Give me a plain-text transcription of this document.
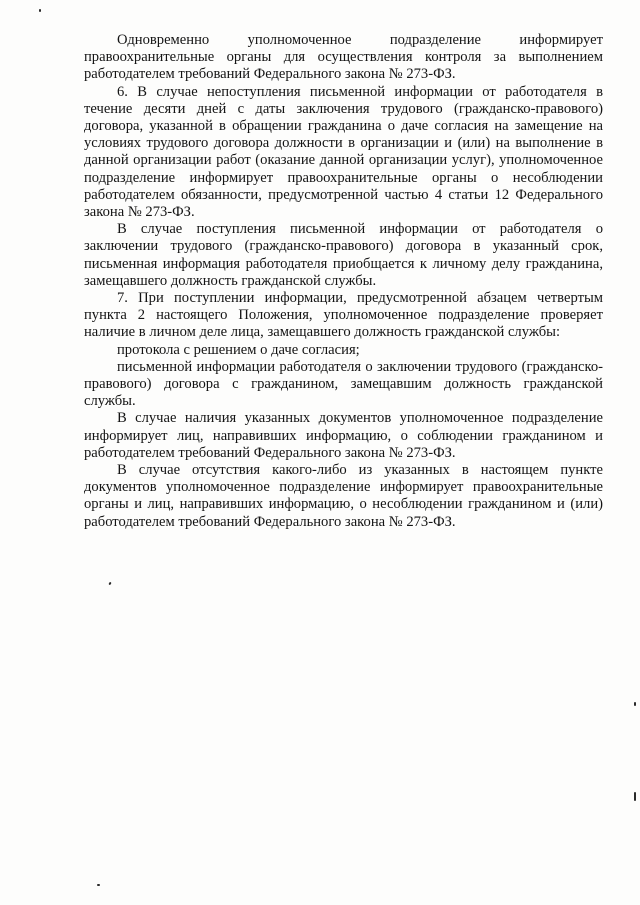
Одновременно уполномоченное подразделение информирует правоохранительные органы для осуществления контроля за выполнением работодателем требований Федерального закона № 273-ФЗ.

6. В случае непоступления письменной информации от работодателя в течение десяти дней с даты заключения трудового (гражданско-правового) договора, указанной в обращении гражданина о даче согласия на замещение на условиях трудового договора должности в организации и (или) на выполнение в данной организации работ (оказание данной организации услуг), уполномоченное подразделение информирует правоохранительные органы о несоблюдении работодателем обязанности, предусмотренной частью 4 статьи 12 Федерального закона № 273-ФЗ.

В случае поступления письменной информации от работодателя о заключении трудового (гражданско-правового) договора в указанный срок, письменная информация работодателя приобщается к личному делу гражданина, замещавшего должность гражданской службы.

7. При поступлении информации, предусмотренной абзацем четвертым пункта 2 настоящего Положения, уполномоченное подразделение проверяет наличие в личном деле лица, замещавшего должность гражданской службы:

протокола с решением о даче согласия;

письменной информации работодателя о заключении трудового (гражданско-правового) договора с гражданином, замещавшим должность гражданской службы.

В случае наличия указанных документов уполномоченное подразделение информирует лиц, направивших информацию, о соблюдении гражданином и работодателем требований Федерального закона № 273-ФЗ.

В случае отсутствия какого-либо из указанных в настоящем пункте документов уполномоченное подразделение информирует правоохранительные органы и лиц, направивших информацию, о несоблюдении гражданином и (или) работодателем требований Федерального закона № 273-ФЗ.
